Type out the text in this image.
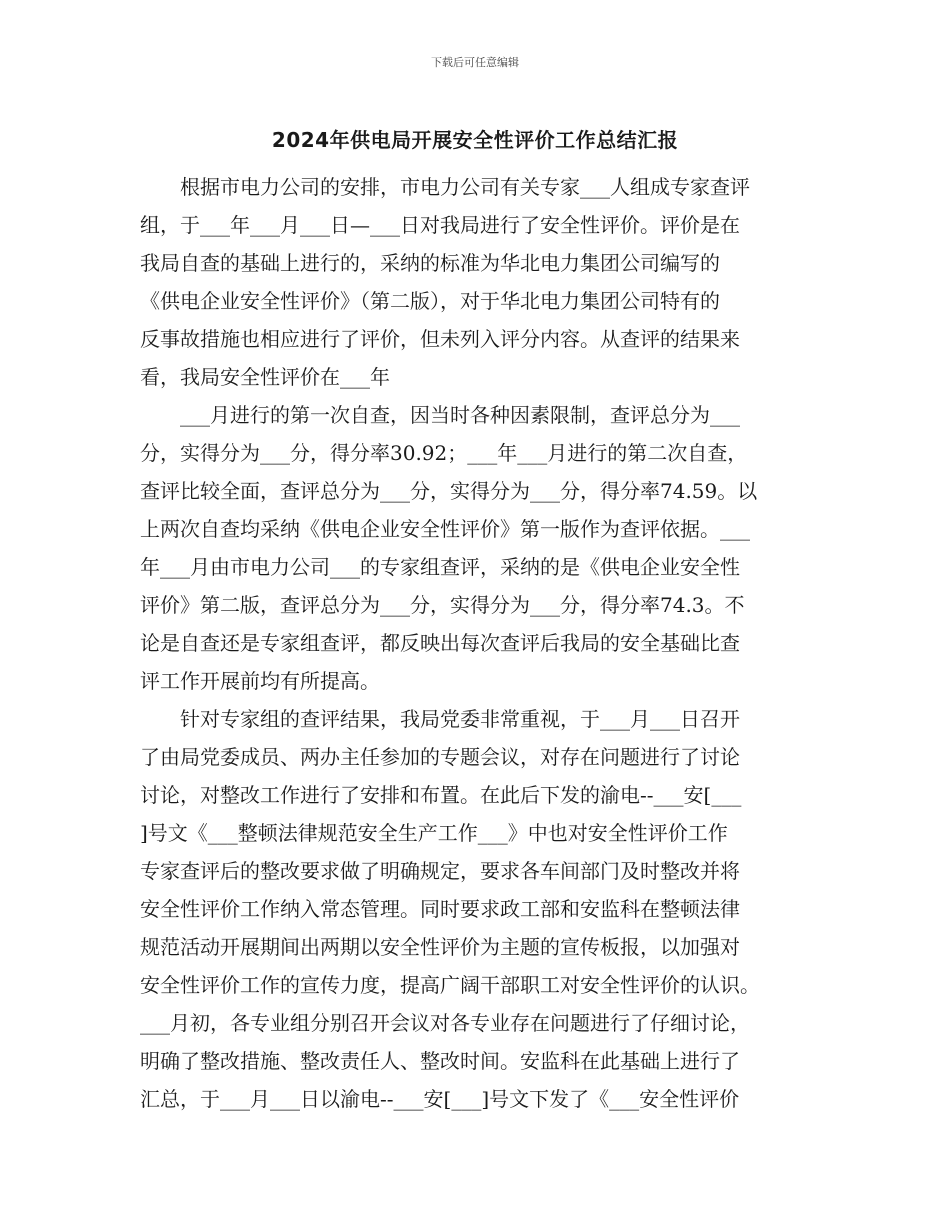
下载后可任意编辑
2024年供电局开展安全性评价工作总结汇报
根据市电力公司的安排，市电力公司有关专家___人组成专家查评
组，于___年___月___日—___日对我局进行了安全性评价。评价是在
我局自查的基础上进行的，采纳的标准为华北电力集团公司编写的
《供电企业安全性评价》（第二版），对于华北电力集团公司特有的
反事故措施也相应进行了评价，但未列入评分内容。从查评的结果来
看，我局安全性评价在___年
___月进行的第一次自查，因当时各种因素限制，查评总分为___
分，实得分为___分，得分率30.92；___年___月进行的第二次自查，
查评比较全面，查评总分为___分，实得分为___分，得分率74.59。以
上两次自查均采纳《供电企业安全性评价》第一版作为查评依据。___
年___月由市电力公司___的专家组查评，采纳的是《供电企业安全性
评价》第二版，查评总分为___分，实得分为___分，得分率74.3。不
论是自查还是专家组查评，都反映出每次查评后我局的安全基础比查
评工作开展前均有所提高。
针对专家组的查评结果，我局党委非常重视，于___月___日召开
了由局党委成员、两办主任参加的专题会议，对存在问题进行了讨论
讨论，对整改工作进行了安排和布置。在此后下发的渝电--___安[___
]号文《___整顿法律规范安全生产工作___》中也对安全性评价工作
专家查评后的整改要求做了明确规定，要求各车间部门及时整改并将
安全性评价工作纳入常态管理。同时要求政工部和安监科在整顿法律
规范活动开展期间出两期以安全性评价为主题的宣传板报，以加强对
安全性评价工作的宣传力度，提高广阔干部职工对安全性评价的认识。
___月初，各专业组分别召开会议对各专业存在问题进行了仔细讨论，
明确了整改措施、整改责任人、整改时间。安监科在此基础上进行了
汇总，于___月___日以渝电--___安[___]号文下发了《___安全性评价
